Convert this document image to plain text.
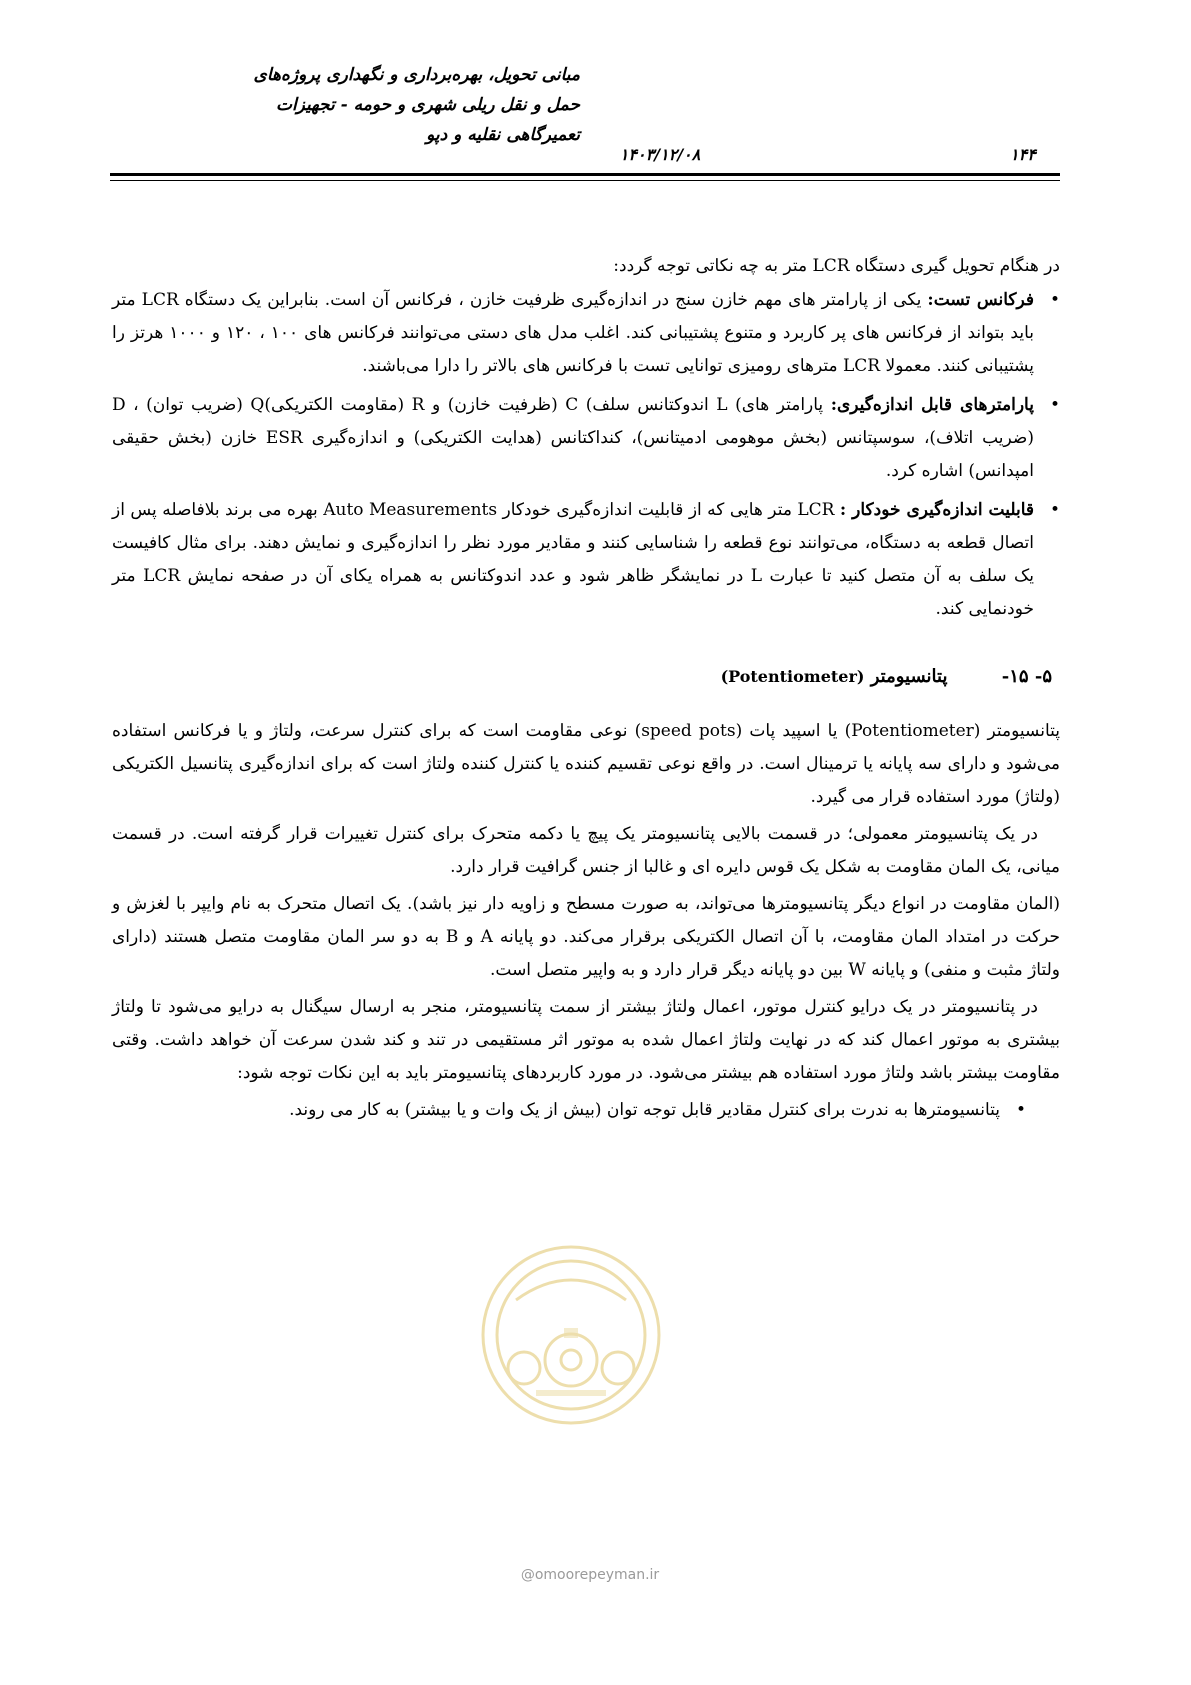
مبانی تحویل، بهره‌برداری و نگهداری پروژه‌های
حمل و نقل ریلی شهری و حومه - تجهیزات
تعمیرگاهی نقلیه و دپو
۱۴۰۳/۱۲/۰۸	۱۴۴
@omoorepeyman.ir

در هنگام تحویل گیری دستگاه LCR متر به چه نکاتی توجه گردد:

• فرکانس تست: یکی از پارامتر های مهم خازن سنج در اندازه‌گیری ظرفیت خازن ، فرکانس آن است. بنابراین یک دستگاه LCR متر باید بتواند از فرکانس های پر کاربرد و متنوع پشتیبانی کند. اغلب مدل های دستی می‌توانند فرکانس های ۱۰۰ ، ۱۲۰ و ۱۰۰۰ هرتز را پشتیبانی کنند. معمولا LCR مترهای رومیزی توانایی تست با فرکانس های بالاتر را دارا می‌باشند.
• پارامترهای قابل اندازه‌گیری: پارامتر های) L اندوکتانس سلف) C (ظرفیت خازن) و R (مقاومت الکتریکی)Q (ضریب توان) ، D (ضریب اتلاف)، سوسپتانس (بخش موهومی ادمیتانس)، کنداکتانس (هدایت الکتریکی) و اندازه‌گیری ESR خازن (بخش حقیقی امپدانس) اشاره کرد.
• قابلیت اندازه‌گیری خودکار : LCR متر هایی که از قابلیت اندازه‌گیری خودکار Auto Measurements بهره می برند بلافاصله پس از اتصال قطعه به دستگاه، می‌توانند نوع قطعه را شناسایی کنند و مقادیر مورد نظر را اندازه‌گیری و نمایش دهند. برای مثال کافیست یک سلف به آن متصل کنید تا عبارت L در نمایشگر ظاهر شود و عدد اندوکتانس به همراه یکای آن در صفحه نمایش LCR متر خودنمایی کند.

۵- ۱۵- پتانسیومتر (Potentiometer)

پتانسیومتر (Potentiometer) یا اسپید پات (speed pots) نوعی مقاومت است که برای کنترل سرعت، ولتاژ و یا فرکانس استفاده می‌شود و دارای سه پایانه یا ترمینال است. در واقع نوعی تقسیم کننده یا کنترل کننده ولتاژ است که برای اندازه‌گیری پتانسیل الکتریکی (ولتاژ) مورد استفاده قرار می گیرد.

در یک پتانسیومتر معمولی؛ در قسمت بالایی پتانسیومتر یک پیچ یا دکمه متحرک برای کنترل تغییرات قرار گرفته است. در قسمت میانی، یک المان مقاومت به شکل یک قوس دایره ای و غالبا از جنس گرافیت قرار دارد.

(المان مقاومت در انواع دیگر پتانسیومترها می‌تواند، به صورت مسطح و زاویه دار نیز باشد). یک اتصال متحرک به نام وایپر با لغزش و حرکت در امتداد المان مقاومت، با آن اتصال الکتریکی برقرار می‌کند. دو پایانه A و B به دو سر المان مقاومت متصل هستند (دارای ولتاژ مثبت و منفی) و پایانه W بین دو پایانه دیگر قرار دارد و به واپیر متصل است.

در پتانسیومتر در یک درایو کنترل موتور، اعمال ولتاژ بیشتر از سمت پتانسیومتر، منجر به ارسال سیگنال به درایو می‌شود تا ولتاژ بیشتری به موتور اعمال کند که در نهایت ولتاژ اعمال شده به موتور اثر مستقیمی در تند و کند شدن سرعت آن خواهد داشت. وقتی مقاومت بیشتر باشد ولتاژ مورد استفاده هم بیشتر می‌شود. در مورد کاربردهای پتانسیومتر باید به این نکات توجه شود:

• پتانسیومترها به ندرت برای کنترل مقادیر قابل توجه توان (بیش از یک وات و یا بیشتر) به کار می روند.
